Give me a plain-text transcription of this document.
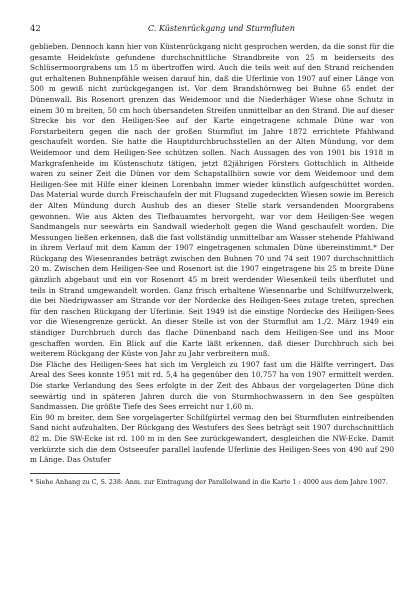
42	C. Küstenrückgang und Sturmfluten

geblieben. Dennoch kann hier von Küstenrückgang nicht gesprochen werden, da die sonst für die gesamte Heideküste gefundene durchschnittliche Strandbreite von 25 m beiderseits des Schlüsermoorgrabens um 15 m übertroffen wird. Auch die teils weit auf den Strand reichenden gut erhaltenen Buhnenpfähle weisen darauf hin, daß die Uferlinie von 1907 auf einer Länge von 500 m gewiß nicht zurückgegangen ist. Vor dem Brandshörnweg bei Buhne 65 endet der Dünenwall. Bis Rosenort grenzen das Weidemoor und die Niederhäger Wiese ohne Schutz in einem 30 m breiten, 50 cm hoch übersandeten Streifen unmittelbar an den Strand. Die auf dieser Strecke bis vor den Heiligen-See auf der Karte eingetragene schmale Düne war von Forstarbeitern gegen die nach der großen Sturmflut im Jahre 1872 errichtete Pfahlwand geschaufelt worden. Sie hatte die Hauptdurchbruchsstellen an der Alten Mündung, vor dem Weidemoor und dem Heiligen-See schützen sollen. Nach Aussagen des von 1901 bis 1918 in Markgrafenheide im Küstenschutz tätigen, jetzt 82jährigen Försters Gottschlich in Altheide waren zu seiner Zeit die Dünen vor dem Schapstallhörn sowie vor dem Weidemoor und dem Heiligen-See mit Hilfe einer kleinen Lorenbahn immer wieder künstlich aufgeschüttet worden. Das Material wurde durch Freischaufeln der mit Flugsand zugedeckten Wiesen sowie im Bereich der Alten Mündung durch Aushub des an dieser Stelle stark versandenden Moorgrabens gewonnen. Wie aus Akten des Tiefbauamtes hervorgeht, war vor dem Heiligen-See wegen Sandmangels nur seewärts ein Sandwall wiederholt gegen die Wand geschaufelt worden. Die Messungen ließen erkennen, daß die fast vollständig unmittelbar am Wasser stehende Pfahlwand in ihrem Verlauf mit dem Kamm der 1907 eingetragenen schmalen Düne übereinstimmt.* Der Rückgang des Wiesenrandes beträgt zwischen den Buhnen 70 und 74 seit 1907 durchschnittlich 20 m. Zwischen dem Heiligen-See und Rosenort ist die 1907 eingetragene bis 25 m breite Düne gänzlich abgebaut und ein vor Rosenort 45 m breit werdender Wiesenkeil teils überflutet und teils in Strand umgewandelt worden. Ganz frisch erhaltene Wiesennarbe und Schilfwurzelwerk, die bei Niedrigwasser am Strande vor der Nordecke des Heiligen-Sees zutage treten, sprechen für den raschen Rückgang der Uferlinie. Seit 1949 ist die einstige Nordecke des Heiligen-Sees vor die Wiesengrenze gerückt. An dieser Stelle ist von der Sturmflut am 1./2. März 1949 ein ständiger Durchbruch durch das flache Dünenband nach dem Heiligen-See und ins Moor geschaffen worden. Ein Blick auf die Karte läßt erkennen, daß dieser Durchbruch sich bei weiterem Rückgang der Küste von Jahr zu Jahr verbreitern muß.

Die Fläche des Heiligen-Sees hat sich im Vergleich zu 1907 fast um die Hälfte verringert. Das Areal des Sees konnte 1951 mit rd. 5,4 ha gegenüber den 10,757 ha von 1907 ermittelt werden. Die starke Verlandung des Sees erfolgte in der Zeit des Abbaus der vorgelagerten Düne dich seewärtig und in späteren Jahren durch die von Sturmhochwassern in den See gespülten Sandmassen. Die größte Tiefe des Sees erreicht nur 1,60 m.

Ein 90 m breiter, dem See vorgelagerter Schilfgürtel vermag den bei Sturmfluten eintreibenden Sand nicht aufzuhalten. Der Rückgang des Westufers des Sees beträgt seit 1907 durchschnittlich 82 m. Die SW-Ecke ist rd. 100 m in den See zurückgewandert, desgleichen die NW-Ecke. Damit verkürzte sich die dem Ostseeufer parallel laufende Uferlinie des Heiligen-Sees von 490 auf 290 m Länge. Das Ostufer

* Siehe Anhang zu C, S. 238: Anm. zur Eintragung der Parallelwand in die Karte 1 : 4000 aus dem Jahre 1907.
